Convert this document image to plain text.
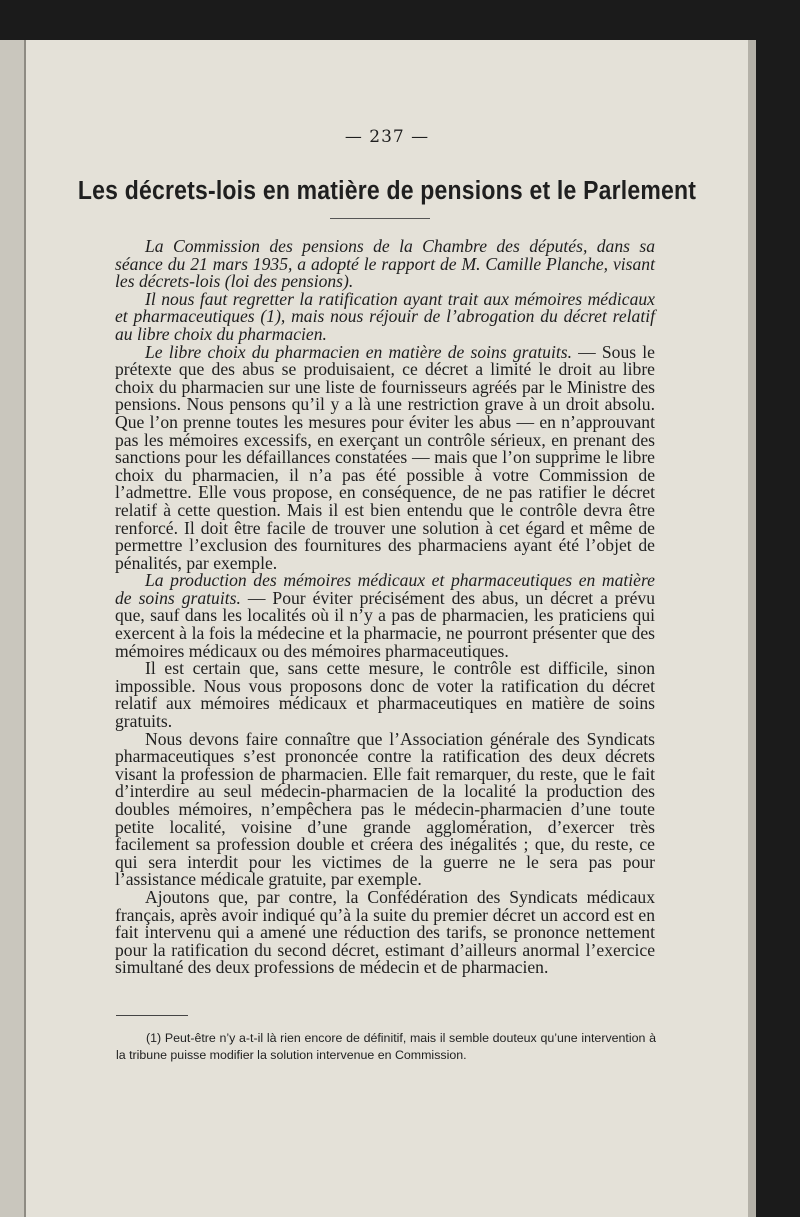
— 237 —
Les décrets-lois en matière de pensions et le Parlement

La Commission des pensions de la Chambre des députés, dans sa séance du 21 mars 1935, a adopté le rapport de M. Camille Planche, visant les décrets-lois (loi des pensions).

Il nous faut regretter la ratification ayant trait aux mémoires médicaux et pharmaceutiques (1), mais nous réjouir de l’abrogation du décret relatif au libre choix du pharmacien.

Le libre choix du pharmacien en matière de soins gratuits. — Sous le prétexte que des abus se produisaient, ce décret a limité le droit au libre choix du pharmacien sur une liste de fournisseurs agréés par le Ministre des pensions. Nous pensons qu’il y a là une restriction grave à un droit absolu. Que l’on prenne toutes les mesures pour éviter les abus — en n’approuvant pas les mémoires excessifs, en exerçant un contrôle sérieux, en prenant des sanctions pour les défaillances constatées — mais que l’on supprime le libre choix du pharmacien, il n’a pas été possible à votre Commission de l’admettre. Elle vous propose, en conséquence, de ne pas ratifier le décret relatif à cette question. Mais il est bien entendu que le contrôle devra être renforcé. Il doit être facile de trouver une solution à cet égard et même de permettre l’exclusion des fournitures des pharmaciens ayant été l’objet de pénalités, par exemple.

La production des mémoires médicaux et pharmaceutiques en matière de soins gratuits. — Pour éviter précisément des abus, un décret a prévu que, sauf dans les localités où il n’y a pas de pharmacien, les praticiens qui exercent à la fois la médecine et la pharmacie, ne pourront présenter que des mémoires médicaux ou des mémoires pharmaceutiques.

Il est certain que, sans cette mesure, le contrôle est difficile, sinon impossible. Nous vous proposons donc de voter la ratification du décret relatif aux mémoires médicaux et pharmaceutiques en matière de soins gratuits.

Nous devons faire connaître que l’Association générale des Syndicats pharmaceutiques s’est prononcée contre la ratification des deux décrets visant la profession de pharmacien. Elle fait remarquer, du reste, que le fait d’interdire au seul médecin-pharmacien de la localité la production des doubles mémoires, n’empêchera pas le médecin-pharmacien d’une toute petite localité, voisine d’une grande agglomération, d’exercer très facilement sa profession double et créera des inégalités ; que, du reste, ce qui sera interdit pour les victimes de la guerre ne le sera pas pour l’assistance médicale gratuite, par exemple.

Ajoutons que, par contre, la Confédération des Syndicats médicaux français, après avoir indiqué qu’à la suite du premier décret un accord est en fait intervenu qui a amené une réduction des tarifs, se prononce nettement pour la ratification du second décret, estimant d’ailleurs anormal l’exercice simultané des deux professions de médecin et de pharmacien.

(1) Peut-être n’y a-t-il là rien encore de définitif, mais il semble douteux qu’une intervention à la tribune puisse modifier la solution intervenue en Commission.
